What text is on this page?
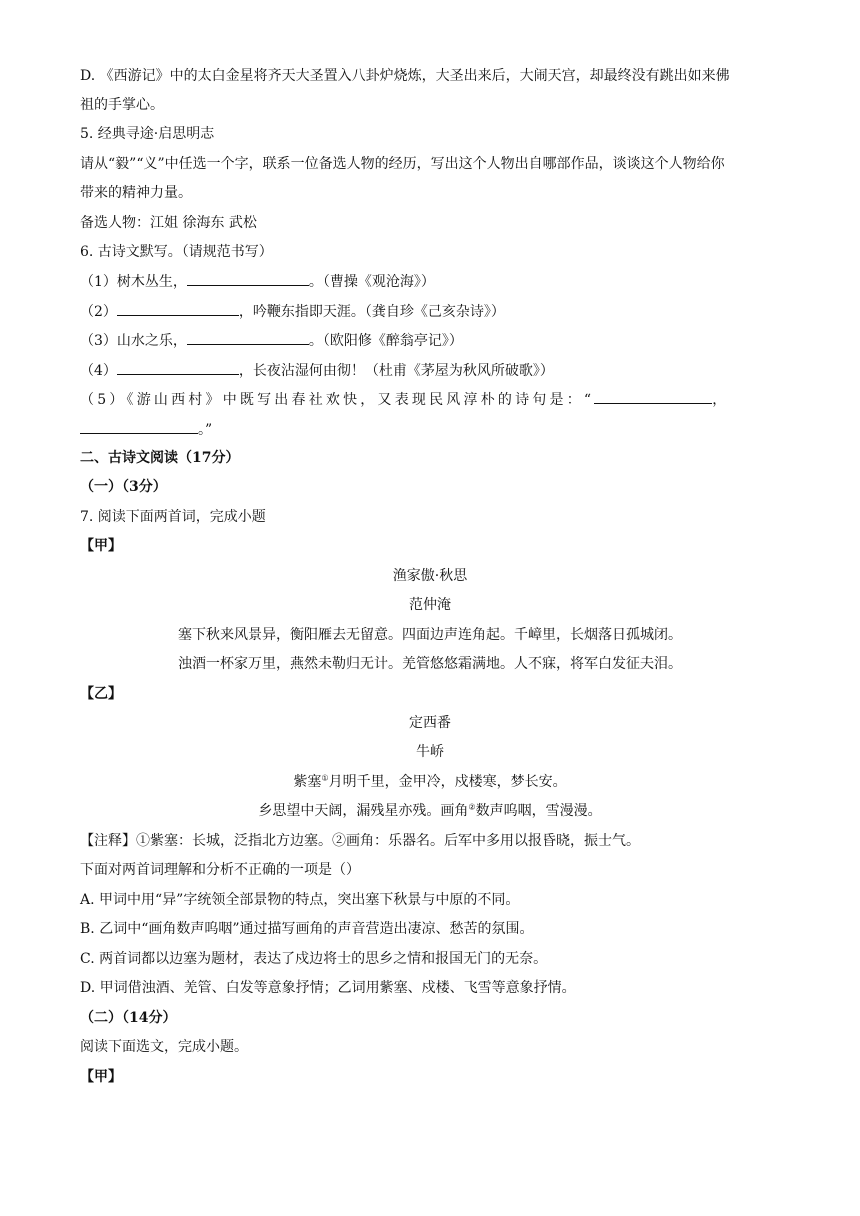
D. 《西游记》中的太白金星将齐天大圣置入八卦炉烧炼，大圣出来后，大闹天宫，却最终没有跳出如来佛
祖的手掌心。
5. 经典寻途·启思明志
请从“毅”“义”中任选一个字，联系一位备选人物的经历，写出这个人物出自哪部作品，谈谈这个人物给你
带来的精神力量。
备选人物：江姐 徐海东 武松
6. 古诗文默写。（请规范书写）
（1）树木丛生，	。（曹操《观沧海》）
（2）	，吟鞭东指即天涯。（龚自珍《己亥杂诗》）
（3）山水之乐，	。（欧阳修《醉翁亭记》）
（4）	，长夜沾湿何由彻！（杜甫《茅屋为秋风所破歌》）
（5）《游山西村》中既写出春社欢快，又表现民风淳朴的诗句是：“	，
。”
二、古诗文阅读（17分）
（一）（3分）
7. 阅读下面两首词，完成小题
【甲】
渔家傲·秋思
范仲淹
塞下秋来风景异，衡阳雁去无留意。四面边声连角起。千嶂里，长烟落日孤城闭。
浊酒一杯家万里，燕然未勒归无计。羌管悠悠霜满地。人不寐，将军白发征夫泪。
【乙】
定西番
牛峤
紫塞①月明千里，金甲冷，戍楼寒，梦长安。
乡思望中天阔，漏残星亦残。画角②数声呜咽，雪漫漫。
【注释】①紫塞：长城，泛指北方边塞。②画角：乐器名。后军中多用以报昏晓，振士气。
下面对两首词理解和分析不正确的一项是（）
A. 甲词中用“异”字统领全部景物的特点，突出塞下秋景与中原的不同。
B. 乙词中“画角数声呜咽”通过描写画角的声音营造出凄凉、愁苦的氛围。
C. 两首词都以边塞为题材，表达了戍边将士的思乡之情和报国无门的无奈。
D. 甲词借浊酒、羌管、白发等意象抒情；乙词用紫塞、戍楼、飞雪等意象抒情。
（二）（14分）
阅读下面选文，完成小题。
【甲】
